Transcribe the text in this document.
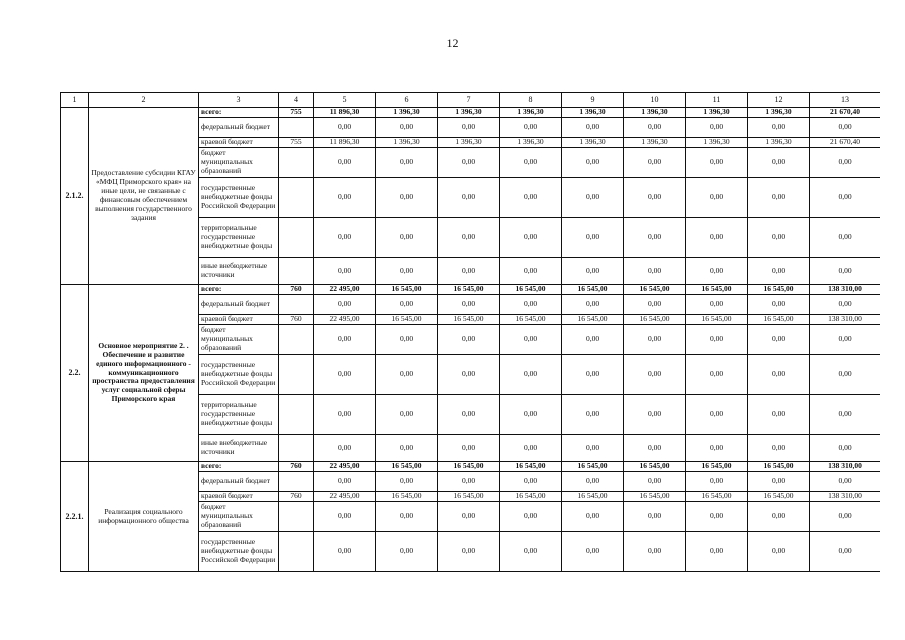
12
1	2	3	4	5	6	7	8	9	10	11	12	13
2.1.2.	Предоставление субсидии КГАУ «МФЦ Приморского края» на иные цели, не связанные с финансовым обеспечением выполнения государственного задания	всего:	755	11 896,30	1 396,30	1 396,30	1 396,30	1 396,30	1 396,30	1 396,30	1 396,30	21 670,40
		федеральный бюджет		0,00	0,00	0,00	0,00	0,00	0,00	0,00	0,00	0,00
		краевой бюджет	755	11 896,30	1 396,30	1 396,30	1 396,30	1 396,30	1 396,30	1 396,30	1 396,30	21 670,40
		бюджет муниципальных образований		0,00	0,00	0,00	0,00	0,00	0,00	0,00	0,00	0,00
		государственные внебюджетные фонды Российской Федерации		0,00	0,00	0,00	0,00	0,00	0,00	0,00	0,00	0,00
		территориальные государственные внебюджетные фонды		0,00	0,00	0,00	0,00	0,00	0,00	0,00	0,00	0,00
		иные внебюджетные источники		0,00	0,00	0,00	0,00	0,00	0,00	0,00	0,00	0,00
2.2.	Основное мероприятие 2. . Обеспечение и развитие единого информационного - коммуникационного пространства предоставления услуг социальной сферы Приморского края	всего:	760	22 495,00	16 545,00	16 545,00	16 545,00	16 545,00	16 545,00	16 545,00	16 545,00	138 310,00
		федеральный бюджет		0,00	0,00	0,00	0,00	0,00	0,00	0,00	0,00	0,00
		краевой бюджет	760	22 495,00	16 545,00	16 545,00	16 545,00	16 545,00	16 545,00	16 545,00	16 545,00	138 310,00
		бюджет муниципальных образований		0,00	0,00	0,00	0,00	0,00	0,00	0,00	0,00	0,00
		государственные внебюджетные фонды Российской Федерации		0,00	0,00	0,00	0,00	0,00	0,00	0,00	0,00	0,00
		территориальные государственные внебюджетные фонды		0,00	0,00	0,00	0,00	0,00	0,00	0,00	0,00	0,00
		иные внебюджетные источники		0,00	0,00	0,00	0,00	0,00	0,00	0,00	0,00	0,00
2.2.1.	Реализация социального информационного общества	всего:	760	22 495,00	16 545,00	16 545,00	16 545,00	16 545,00	16 545,00	16 545,00	16 545,00	138 310,00
		федеральный бюджет		0,00	0,00	0,00	0,00	0,00	0,00	0,00	0,00	0,00
		краевой бюджет	760	22 495,00	16 545,00	16 545,00	16 545,00	16 545,00	16 545,00	16 545,00	16 545,00	138 310,00
		бюджет муниципальных образований		0,00	0,00	0,00	0,00	0,00	0,00	0,00	0,00	0,00
		государственные внебюджетные фонды Российской Федерации		0,00	0,00	0,00	0,00	0,00	0,00	0,00	0,00	0,00
